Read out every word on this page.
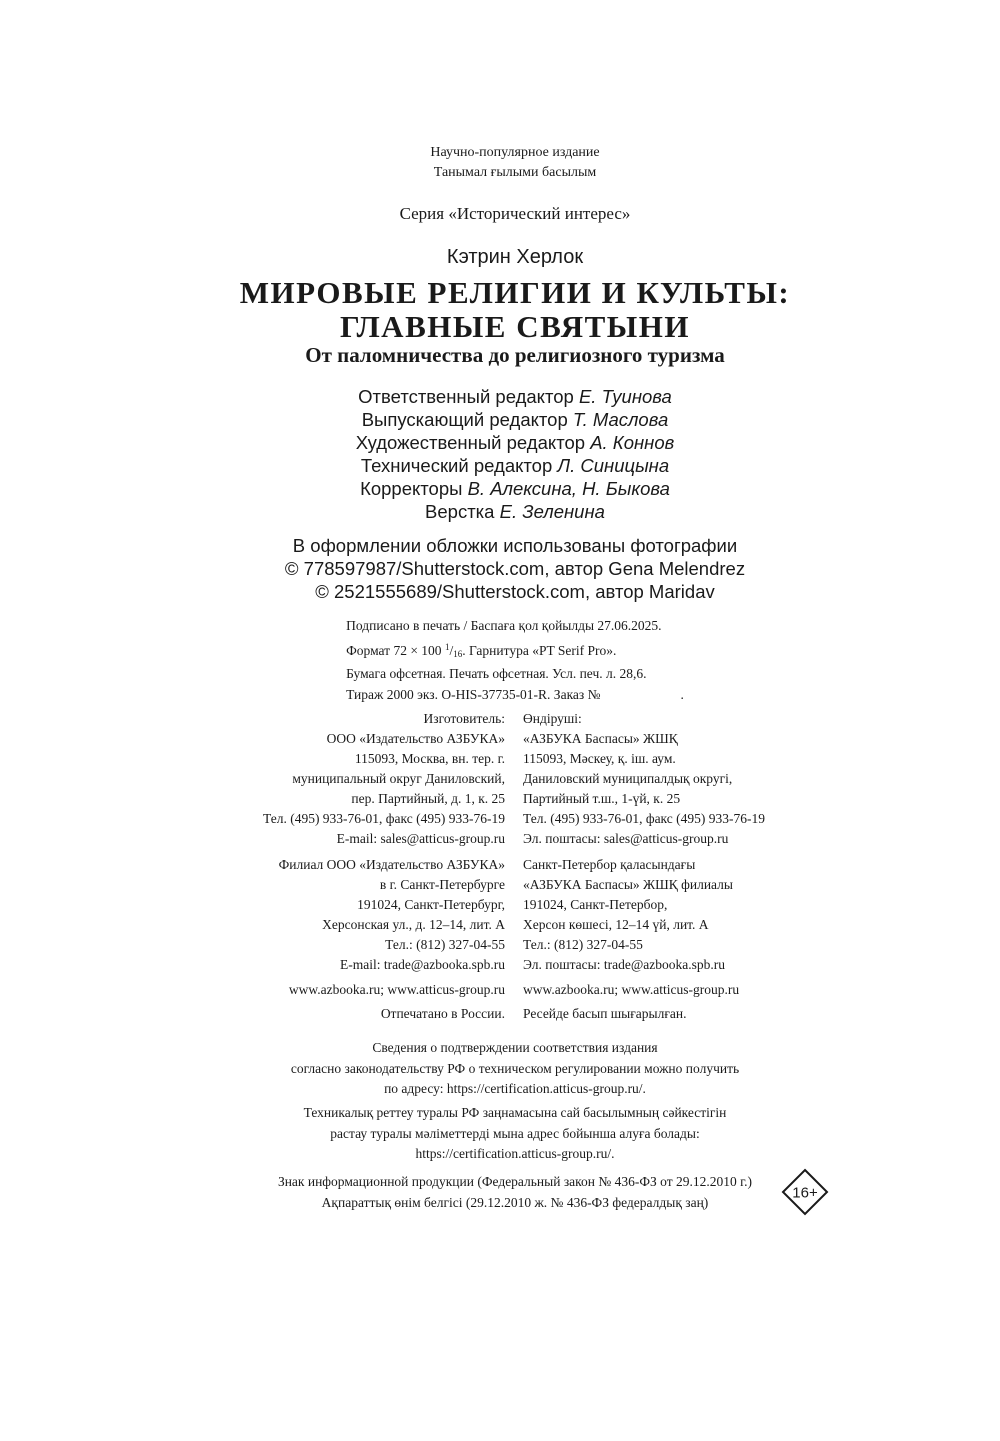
Научно-популярное издание
Танымал ғылыми басылым
Серия «Исторический интерес»
Кэтрин Херлок
МИРОВЫЕ РЕЛИГИИ И КУЛЬТЫ:
ГЛАВНЫЕ СВЯТЫНИ
От паломничества до религиозного туризма
Ответственный редактор Е. Туинова
Выпускающий редактор Т. Маслова
Художественный редактор А. Коннов
Технический редактор Л. Синицына
Корректоры В. Алексина, Н. Быкова
Верстка Е. Зеленина
В оформлении обложки использованы фотографии
© 778597987/Shutterstock.com, автор Gena Melendrez
© 2521555689/Shutterstock.com, автор Maridav
Подписано в печать / Баспаға қол қойылды 27.06.2025.
Формат 72 × 100 $^1/_{16}$. Гарнитура «PT Serif Pro».
Бумага офсетная. Печать офсетная. Усл. печ. л. 28,6.
Тираж 2000 экз. O-HIS-37735-01-R. Заказ №	.
Изготовитель:
ООО «Издательство АЗБУКА»
115093, Москва, вн. тер. г.
муниципальный округ Даниловский,
пер. Партийный, д. 1, к. 25
Тел. (495) 933-76-01, факс (495) 933-76-19
E-mail: sales@atticus-group.ru
Өндіруші:
«АЗБУКА Баспасы» ЖШҚ
115093, Мәскеу, қ. іш. аум.
Даниловский муниципалдық округі,
Партийный т.ш., 1-үй, к. 25
Тел. (495) 933-76-01, факс (495) 933-76-19
Эл. поштасы: sales@atticus-group.ru
Филиал ООО «Издательство АЗБУКА»
в г. Санкт-Петербурге
191024, Санкт-Петербург,
Херсонская ул., д. 12–14, лит. А
Тел.: (812) 327-04-55
E-mail: trade@azbooka.spb.ru
Санкт-Петербор қаласындағы
«АЗБУКА Баспасы» ЖШҚ филиалы
191024, Санкт-Петербор,
Херсон көшесі, 12–14 үй, лит. А
Тел.: (812) 327-04-55
Эл. поштасы: trade@azbooka.spb.ru
www.azbooka.ru; www.atticus-group.ru www.azbooka.ru; www.atticus-group.ru
Отпечатано в России. Ресейде басып шығарылған.
Сведения о подтверждении соответствия издания
согласно законодательству РФ о техническом регулировании можно получить
по адресу: https://certification.atticus-group.ru/.
Техникалық реттеу туралы РФ заңнамасына сай басылымның сәйкестігін
растау туралы мәліметтерді мына адрес бойынша алуға болады:
https://certification.atticus-group.ru/.
Знак информационной продукции (Федеральный закон № 436-ФЗ от 29.12.2010 г.)
Ақпараттық өнім белгісі (29.12.2010 ж. № 436-ФЗ федералдық заң)
16+
